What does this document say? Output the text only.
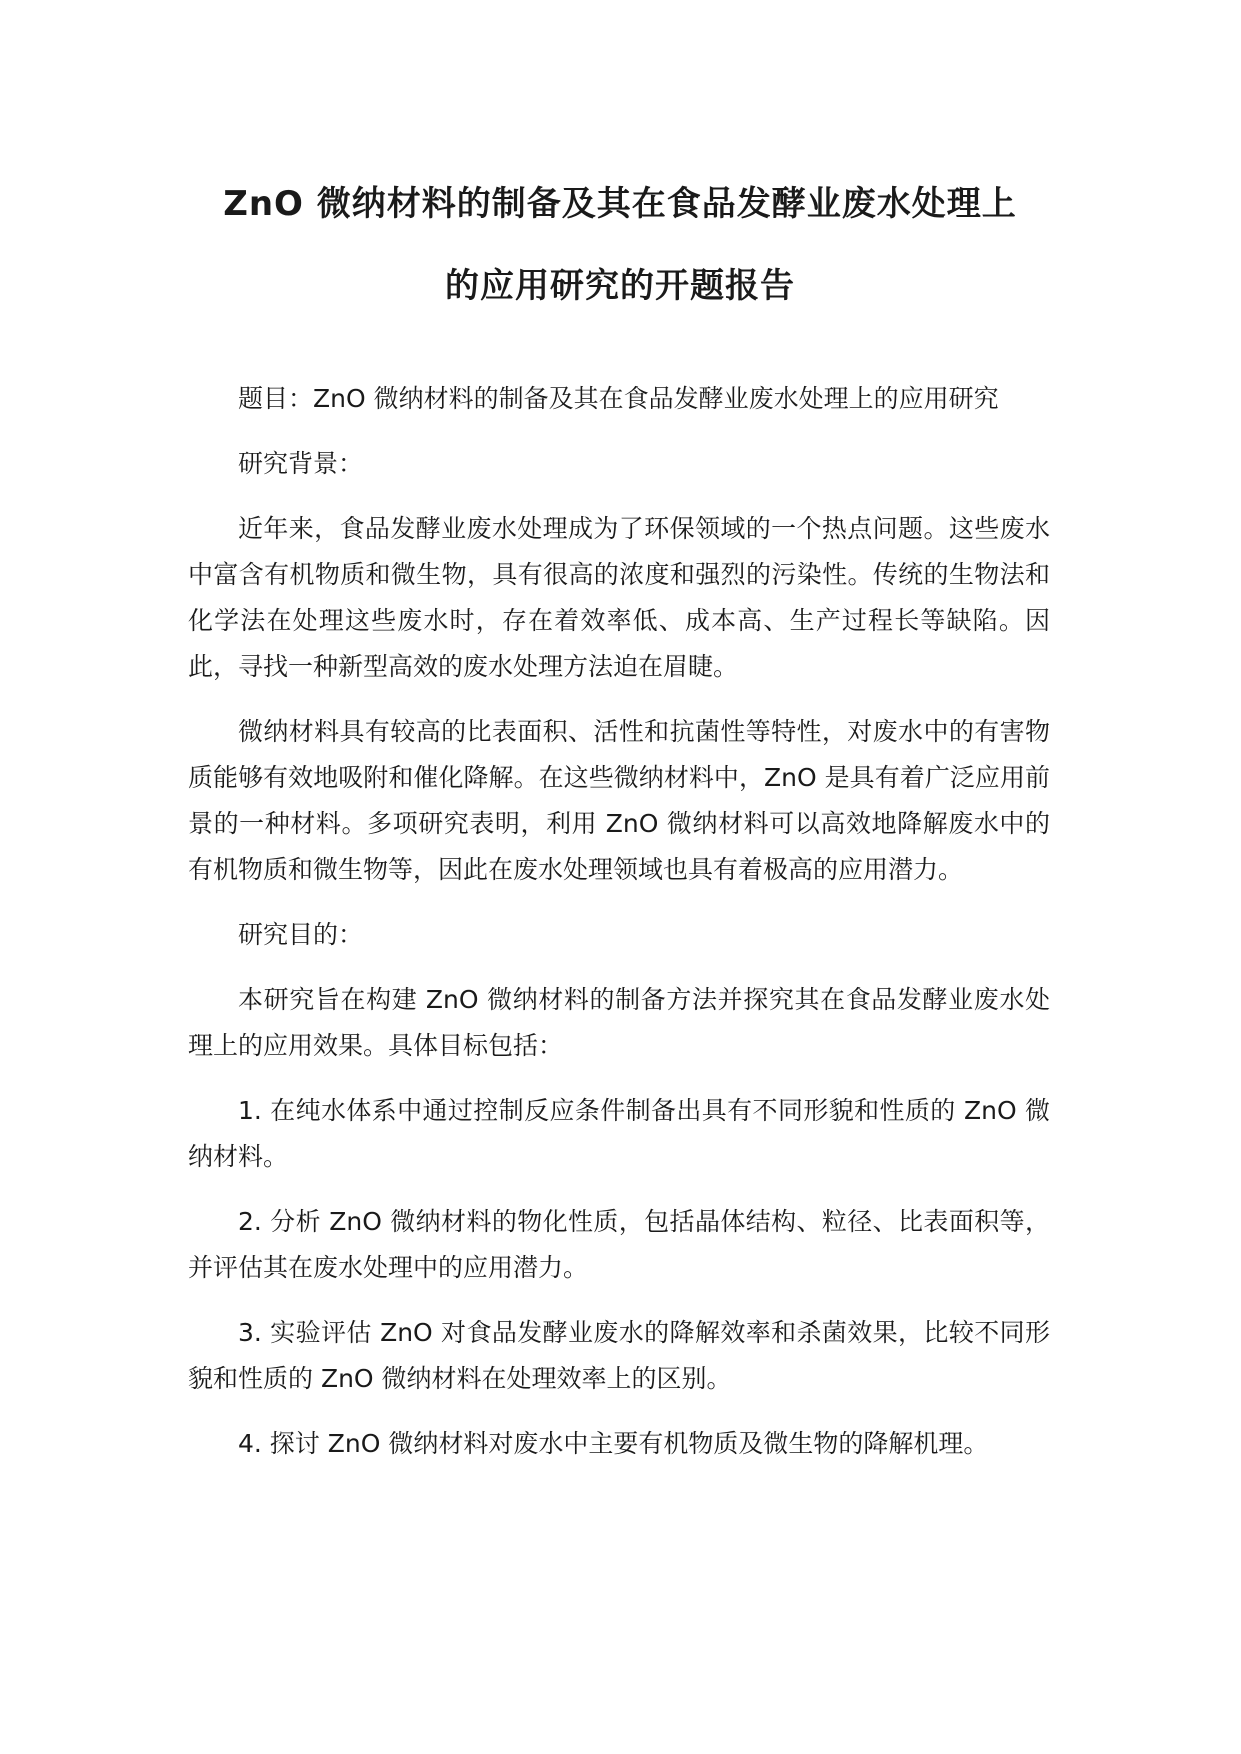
ZnO 微纳材料的制备及其在食品发酵业废水处理上
的应用研究的开题报告

题目：ZnO 微纳材料的制备及其在食品发酵业废水处理上的应用研究

研究背景：

近年来，食品发酵业废水处理成为了环保领域的一个热点问题。这些废水中富含有机物质和微生物，具有很高的浓度和强烈的污染性。传统的生物法和化学法在处理这些废水时，存在着效率低、成本高、生产过程长等缺陷。因此，寻找一种新型高效的废水处理方法迫在眉睫。

微纳材料具有较高的比表面积、活性和抗菌性等特性，对废水中的有害物质能够有效地吸附和催化降解。在这些微纳材料中，ZnO 是具有着广泛应用前景的一种材料。多项研究表明，利用 ZnO 微纳材料可以高效地降解废水中的有机物质和微生物等，因此在废水处理领域也具有着极高的应用潜力。

研究目的：

本研究旨在构建 ZnO 微纳材料的制备方法并探究其在食品发酵业废水处理上的应用效果。具体目标包括：

1. 在纯水体系中通过控制反应条件制备出具有不同形貌和性质的 ZnO 微纳材料。

2. 分析 ZnO 微纳材料的物化性质，包括晶体结构、粒径、比表面积等，并评估其在废水处理中的应用潜力。

3. 实验评估 ZnO 对食品发酵业废水的降解效率和杀菌效果，比较不同形貌和性质的 ZnO 微纳材料在处理效率上的区别。

4. 探讨 ZnO 微纳材料对废水中主要有机物质及微生物的降解机理。
